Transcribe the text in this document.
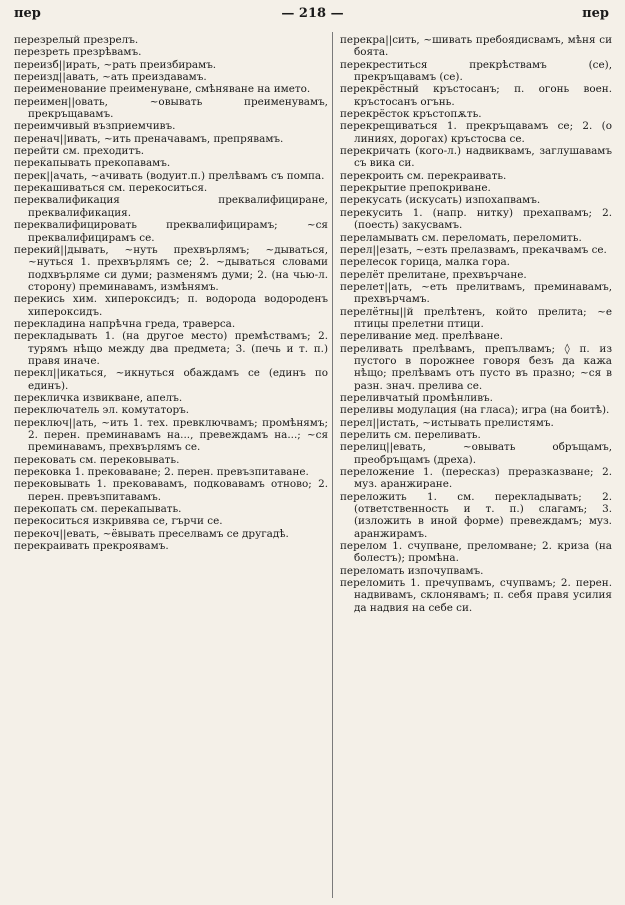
пер	— 218 —	пер

перезрелый презрелъ.

перезреть презрѣвамъ.

переизб||ирать, ~рать преизбирамъ.

переизд||авать, ~ать преиздавамъ.

переименование преименуване, смѣняване на името.

переимен||овать, ~овывать преименувамъ, прекръщавамъ.

переимчивый възприемчивъ.

перенач||ивать, ~ить преначавамъ, препрявамъ.

перейти см. преходитъ.

перекапывать прекопавамъ.

перек||ачать, ~ачивать (водуит.п.) прелѣвамъ съ помпа.

перекашиваться см. перекоситься.

переквалификация преквалифициране, преквалификация.

переквалифицировать преквалифицирамъ; ~ся преквалифицирамъ се.

перекий||дывать, ~нуть прехвърлямъ; ~дываться, ~нуться 1. прехвърлямъ се; 2. ~дываться словами подхвърляме си думи; разменямъ думи; 2. (на чью-л. сторону) преминавамъ, измѣнямъ.

перекись хим. хипероксидъ; п. водорода водороденъ хипероксидъ.

перекладина напрѣчна греда, траверса.

перекладывать 1. (на другое место) премѣствамъ; 2. турямъ нѣщо между два предмета; 3. (печь и т. п.) правя иначе.

перекл||икаться, ~икнуться обаждамъ се (единъ по единъ).

перекличка извикване, апелъ.

переключатель эл. комутаторъ.

переключ||ать, ~ить 1. тех. превключвамъ; промѣнямъ; 2. перен. преминавамъ на..., превеждамъ на...; ~ся преминавамъ, прехвърлямъ се.

перековать см. перековывать.

перековка 1. прековаване; 2. перен. превъзпитаване.

перековывать 1. прековавамъ, подковавамъ отново; 2. перен. превъзпитавамъ.

перекопать см. перекапывать.

перекоситься изкривява се, гърчи се.

перекоч||евать, ~ёвывать преселвамъ се другадѣ.

перекраивать прекроявамъ.

перекра||сить, ~шивать пребоядисвамъ, мѣня си боята.

перекреститься прекрѣствамъ (се), прекръщавамъ (се).

перекрёстный кръстосанъ; п. огонь воен. кръстосанъ огънь.

перекрёсток кръстопѫть.

перекрещиваться 1. прекръщавамъ се; 2. (о линиях, дорогах) кръстосва се.

перекричать (кого-л.) надвиквамъ, заглушавамъ съ вика си.

перекроить см. перекраивать.

перекрытие препокриване.

перекусать (искусать) изпохапвамъ.

перекусить 1. (напр. нитку) прехапвамъ; 2. (поесть) закусвамъ.

переламывать см. переломать, переломить.

перел||езать, ~езть прелазвамъ, прекачвамъ се.

перелесок горица, малка гора.

перелёт прелитане, прехвърчане.

перелет||ать, ~еть прелитвамъ, преминавамъ, прехвърчамъ.

перелётны||й прелѣтенъ, който прелита; ~е птицы прелетни птици.

переливание мед. прелѣване.

переливать прелѣвамъ, препълвамъ; ◊ п. из пустого в порожнее говоря безъ да кажа нѣщо; прелѣвамъ отъ пусто въ празно; ~ся в разн. знач. прелива се.

переливчатый промѣнливъ.

переливы модулация (на гласа); игра (на боитѣ).

перел||истать, ~истывать прелистямъ.

перелить см. переливать.

перелиц||евать, ~овывать обръщамъ, преобръщамъ (дреха).

переложение 1. (пересказ) преразказване; 2. муз. аранжиране.

переложить 1. см. перекладывать; 2. (ответственность и т. п.) слагамъ; 3. (изложить в иной форме) превеждамъ; муз. аранжирамъ.

перелом 1. счупване, прелoмване; 2. криза (на болестъ); промѣна.

переломать изпочупвамъ.

переломить 1. пречупвамъ, счупвамъ; 2. перен. надвивамъ, склонявамъ; п. себя правя усилия да надвия на себе си.
